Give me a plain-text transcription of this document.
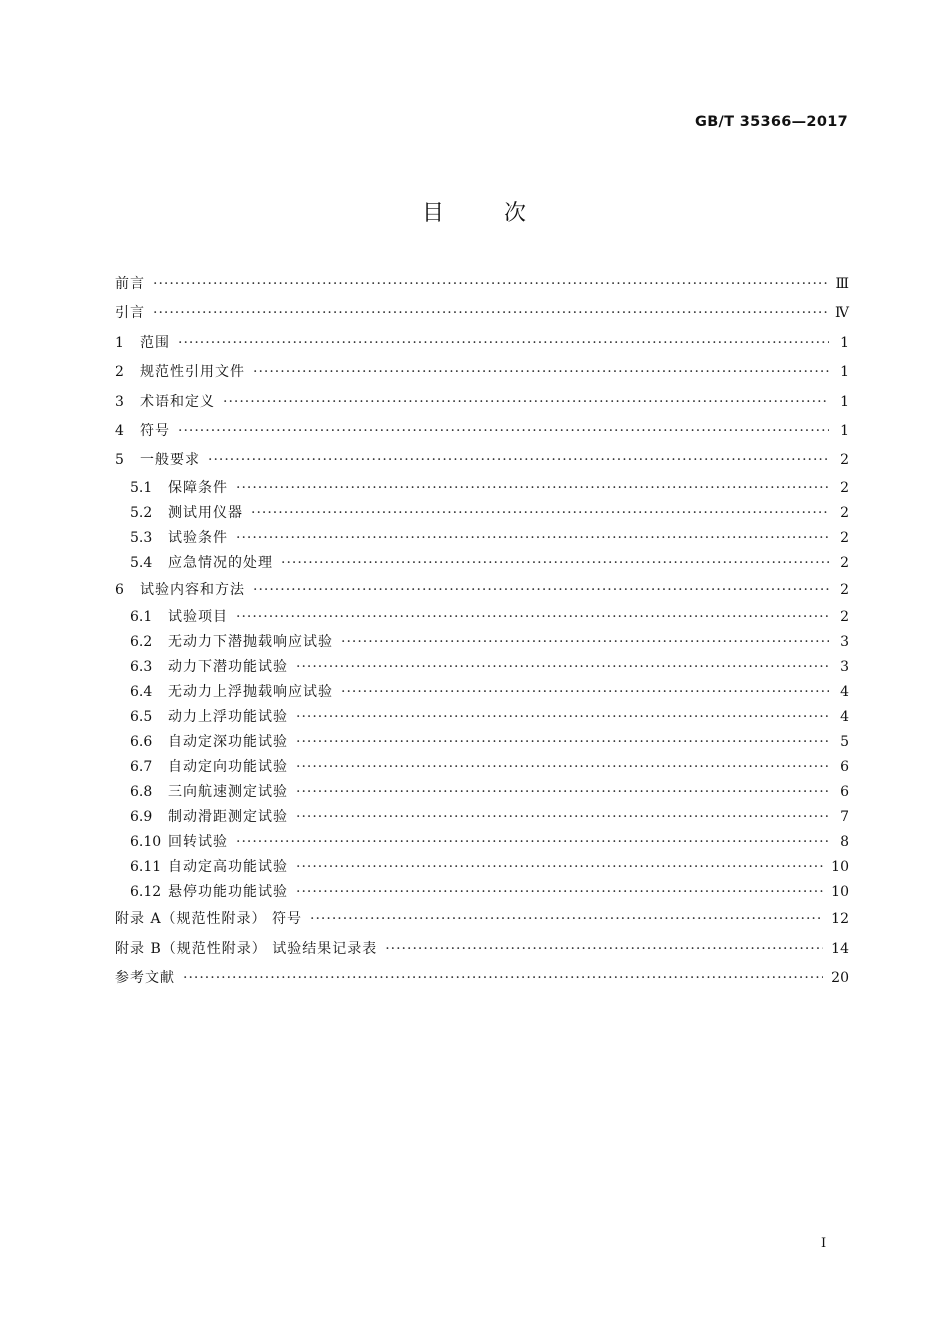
GB/T 35366—2017
目	次
前言 ·····	Ⅲ
引言 ·····	Ⅳ
1	范围 ·····	1
2	规范性引用文件 ·····	1
3	术语和定义 ·····	1
4	符号 ·····	1
5	一般要求 ·····	2
5.1	保障条件 ·····	2
5.2	测试用仪器 ·····	2
5.3	试验条件 ·····	2
5.4	应急情况的处理 ·····	2
6	试验内容和方法 ·····	2
6.1	试验项目 ·····	2
6.2	无动力下潜抛载响应试验 ·····	3
6.3	动力下潜功能试验 ·····	3
6.4	无动力上浮抛载响应试验 ·····	4
6.5	动力上浮功能试验 ·····	4
6.6	自动定深功能试验 ·····	5
6.7	自动定向功能试验 ·····	6
6.8	三向航速测定试验 ·····	6
6.9	制动滑距测定试验 ·····	7
6.10 回转试验 ·····	8
6.11 自动定高功能试验 ·····	10
6.12 悬停功能功能试验 ·····	10
附录 A（规范性附录） 符号 ·····	12
附录 B（规范性附录） 试验结果记录表 ·····	14
参考文献 ·····	20
Ⅰ
